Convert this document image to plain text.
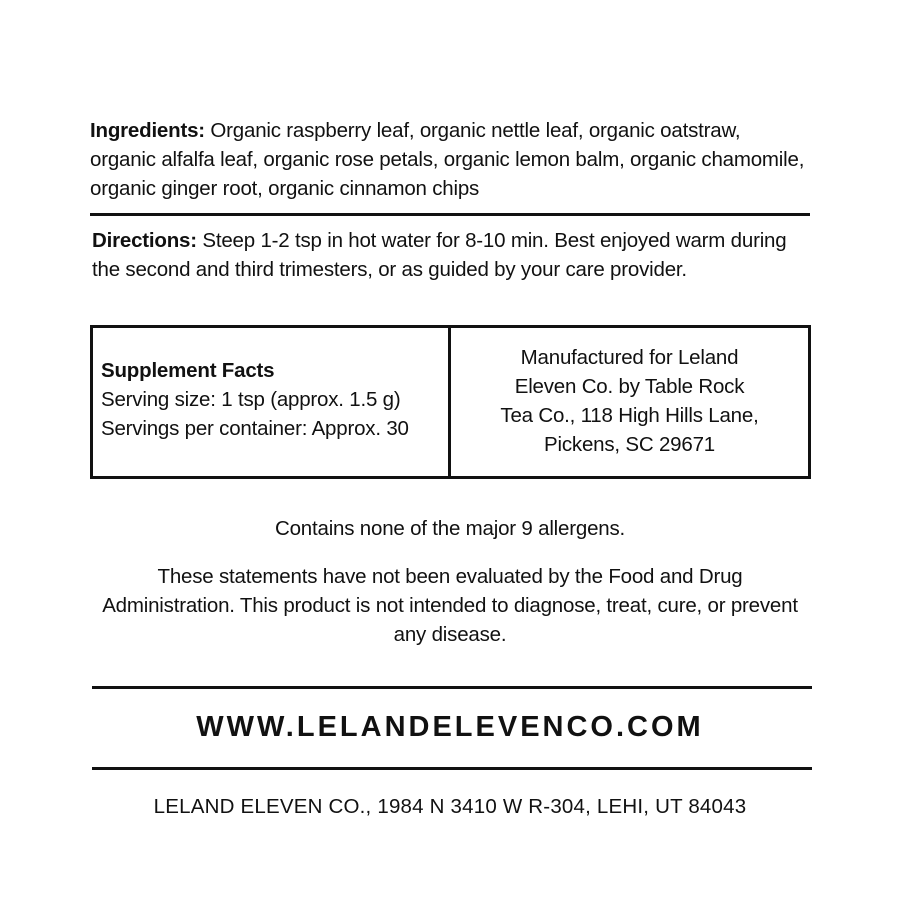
Ingredients: Organic raspberry leaf, organic nettle leaf, organic oatstraw, organic alfalfa leaf, organic rose petals, organic lemon balm, organic chamomile, organic ginger root, organic cinnamon chips
Directions: Steep 1-2 tsp in hot water for 8-10 min. Best enjoyed warm during the second and third trimesters, or as guided by your care provider.
Supplement Facts
Serving size: 1 tsp (approx. 1.5 g)
Servings per container: Approx. 30
Manufactured for Leland
Eleven Co. by Table Rock
Tea Co., 118 High Hills Lane,
Pickens, SC 29671
Contains none of the major 9 allergens.
These statements have not been evaluated by the Food and Drug Administration. This product is not intended to diagnose, treat, cure, or prevent any disease.
WWW.LELANDELEVENCO.COM
LELAND ELEVEN CO., 1984 N 3410 W R-304, LEHI, UT 84043
